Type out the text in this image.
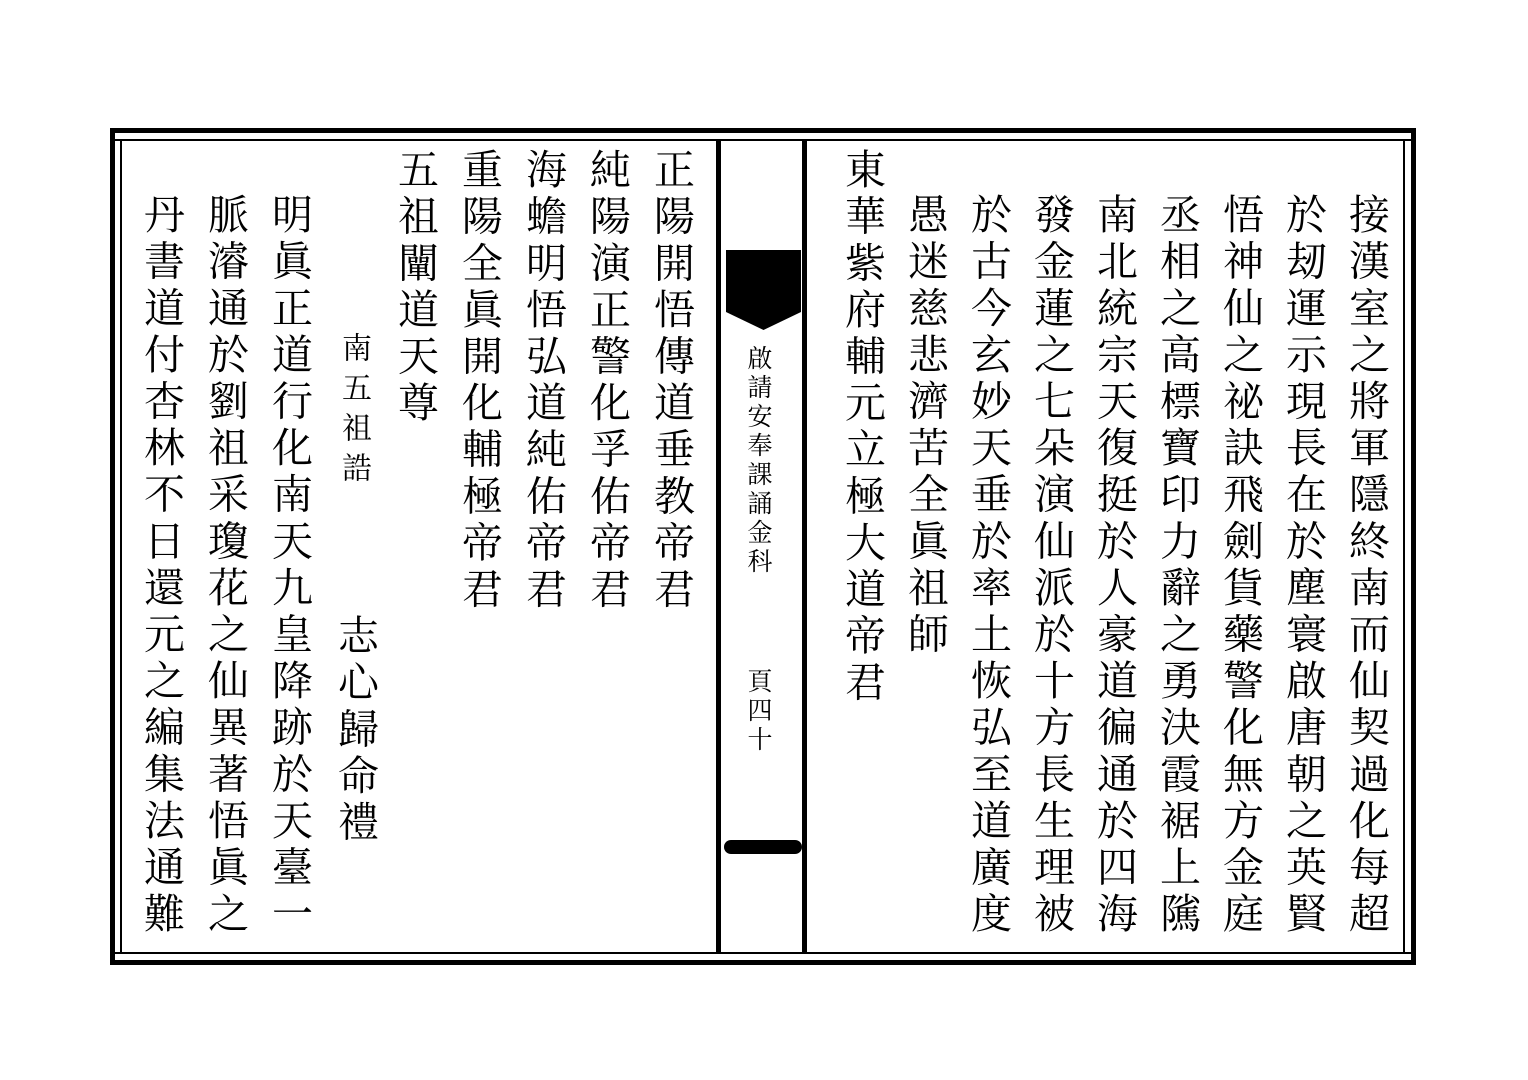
啟請安奉課誦金科
頁四十	接漢室之將軍隱終南而仙契過化每超
於刼運示現長在於塵寰啟唐朝之英賢
悟神仙之祕訣飛劍貨藥警化無方金庭
丞相之高標寶印力辭之勇決霞裾上隲
南北統宗天復挺於人豪道徧通於四海
發金蓮之七朵演仙派於十方長生理被
於古今玄妙天垂於率土恢弘至道廣度
愚迷慈悲濟苦全眞祖師
東華紫府輔元立極大道帝君
正陽開悟傳道垂教帝君
純陽演正警化孚佑帝君
海蟾明悟弘道純佑帝君
重陽全眞開化輔極帝君
五祖闡道天尊
南五祖誥
志心歸命禮
明眞正道行化南天九皇降跡於天臺一
脈濬通於劉祖采瓊花之仙異著悟眞之
丹書道付杏林不日還元之編集法通難
